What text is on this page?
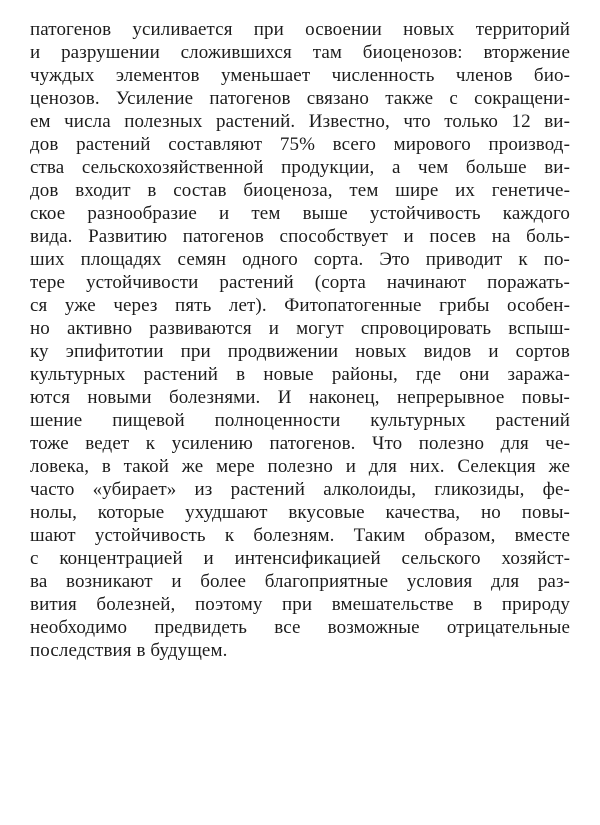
патогенов усиливается при освоении новых территорий
и разрушении сложившихся там биоценозов: вторжение
чуждых элементов уменьшает численность членов био-
ценозов. Усиление патогенов связано также с сокращени-
ем числа полезных растений. Известно, что только 12 ви-
дов растений составляют 75% всего мирового производ-
ства сельскохозяйственной продукции, а чем больше ви-
дов входит в состав биоценоза, тем шире их генетиче-
ское разнообразие и тем выше устойчивость каждого
вида. Развитию патогенов способствует и посев на боль-
ших площадях семян одного сорта. Это приводит к по-
тере устойчивости растений (сорта начинают поражать-
ся уже через пять лет). Фитопатогенные грибы особен-
но активно развиваются и могут спровоцировать вспыш-
ку эпифитотии при продвижении новых видов и сортов
культурных растений в новые районы, где они заража-
ются новыми болезнями. И наконец, непрерывное повы-
шение пищевой полноценности культурных растений
тоже ведет к усилению патогенов. Что полезно для че-
ловека, в такой же мере полезно и для них. Селекция же
часто «убирает» из растений алколоиды, гликозиды, фе-
нолы, которые ухудшают вкусовые качества, но повы-
шают устойчивость к болезням. Таким образом, вместе
с концентрацией и интенсификацией сельского хозяйст-
ва возникают и более благоприятные условия для раз-
вития болезней, поэтому при вмешательстве в природу
необходимо предвидеть все возможные отрицательные
последствия в будущем.
